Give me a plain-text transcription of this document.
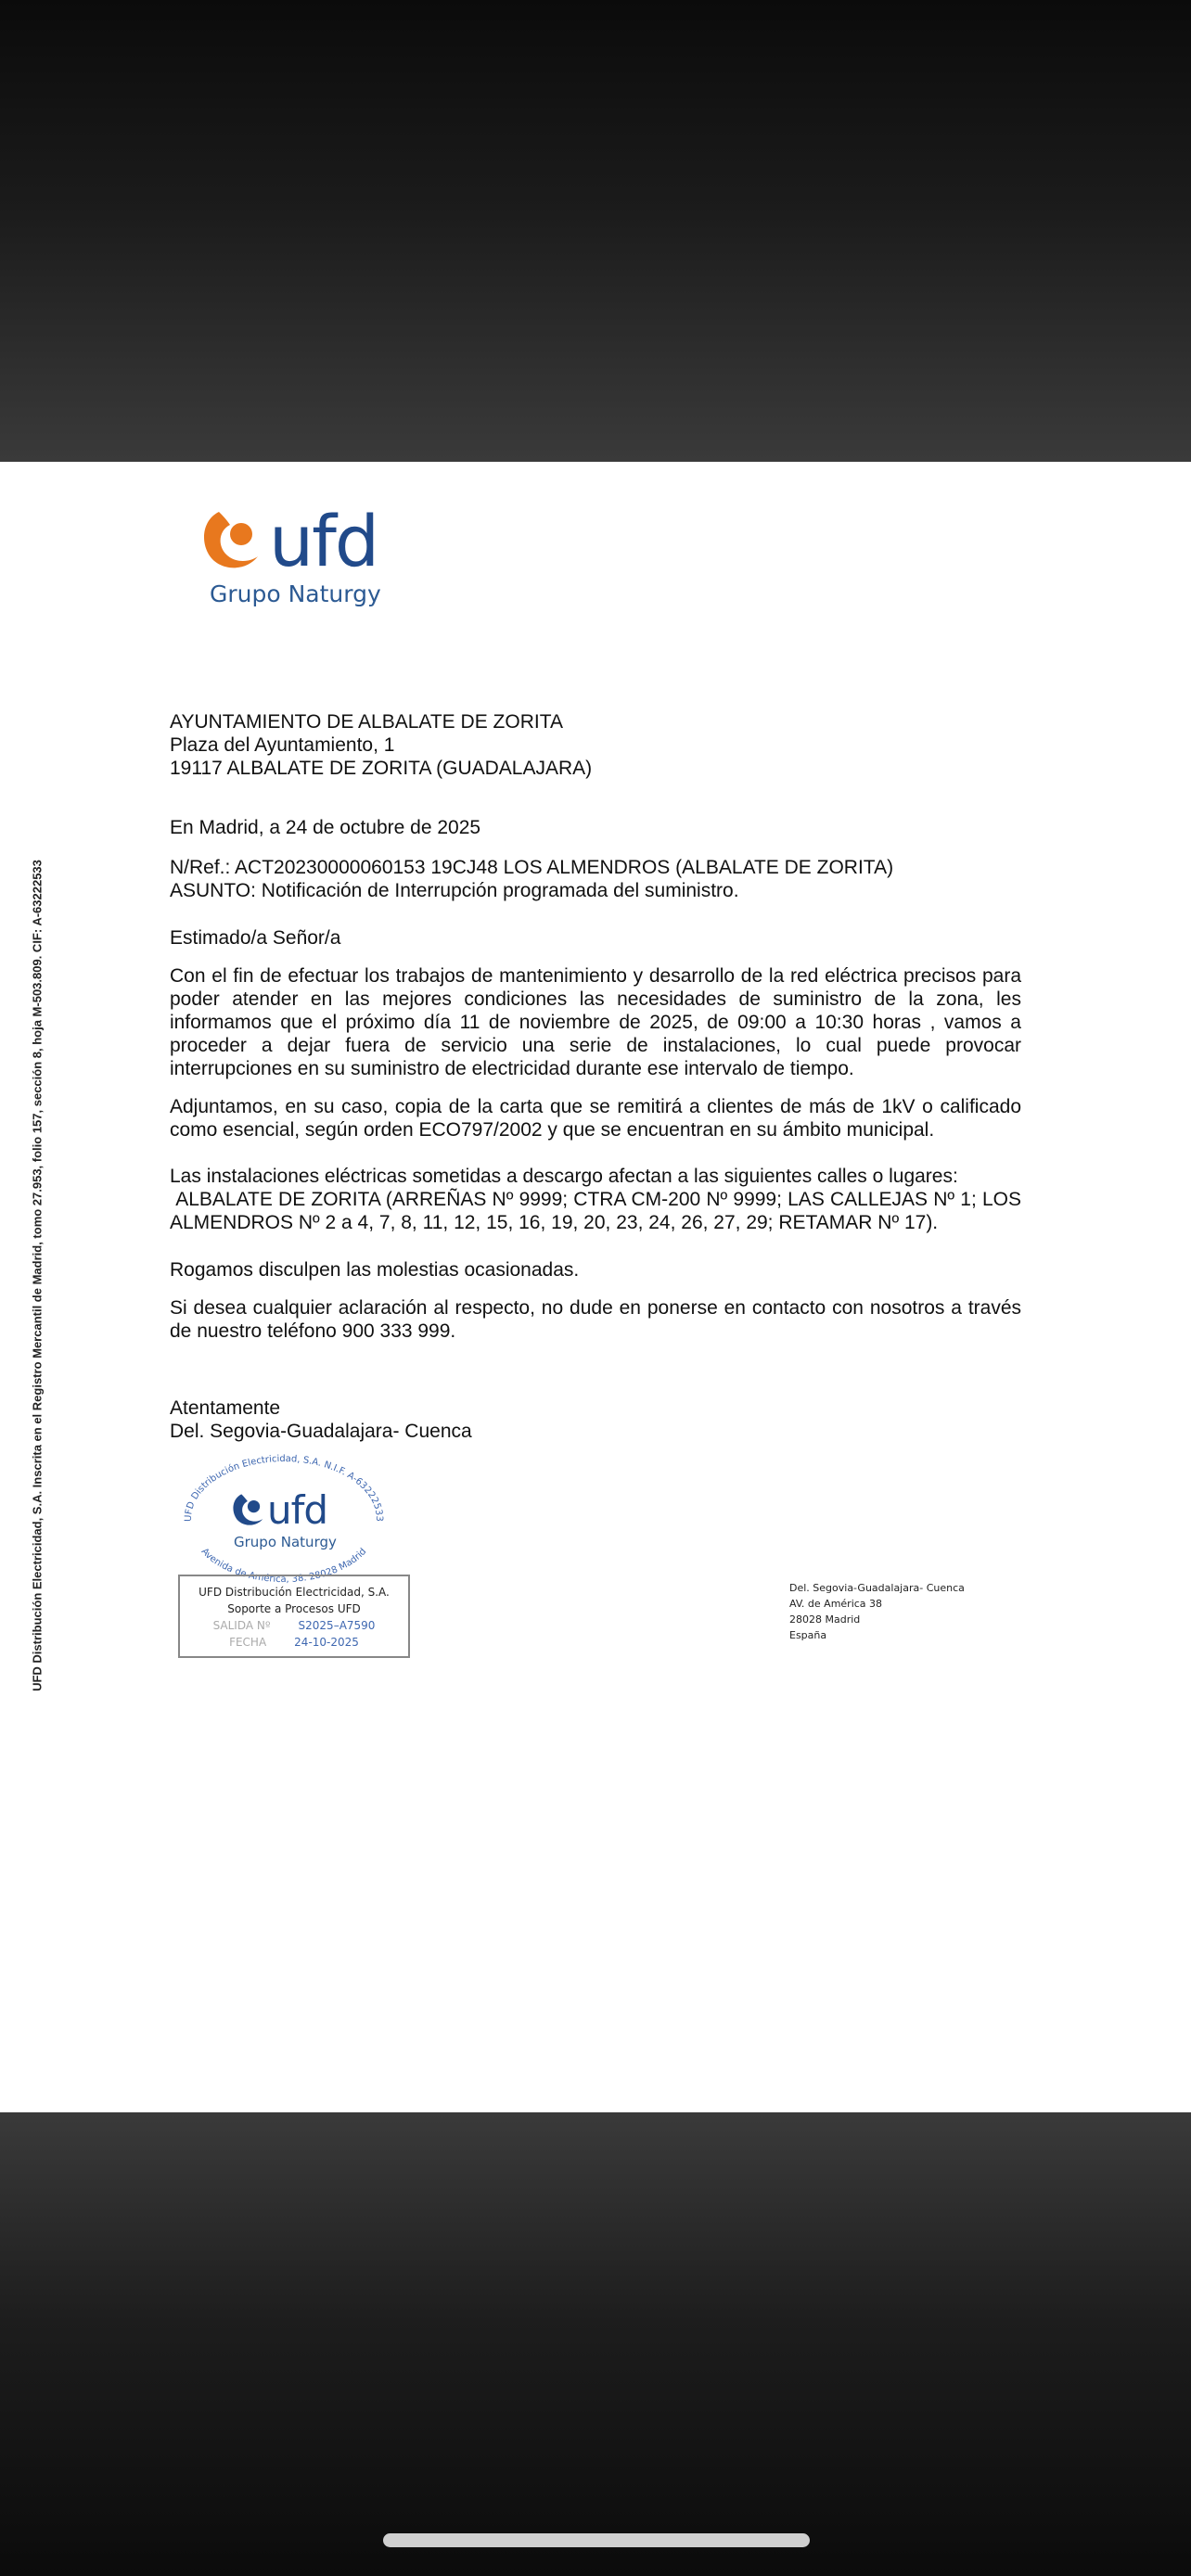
ufd
Grupo Naturgy
UFD Distribución Electricidad, S.A. Inscrita en el Registro Mercantil de Madrid, tomo 27.953, folio 157, sección 8, hoja M-503.809. CIF: A-63222533

AYUNTAMIENTO DE ALBALATE DE ZORITA

Plaza del Ayuntamiento, 1

19117 ALBALATE DE ZORITA (GUADALAJARA)

En Madrid, a 24 de octubre de 2025

N/Ref.: ACT20230000060153 19CJ48 LOS ALMENDROS (ALBALATE DE ZORITA)

ASUNTO: Notificación de Interrupción programada del suministro.

Estimado/a Señor/a
Con el fin de efectuar los trabajos de mantenimiento y desarrollo de la red eléctrica precisos para poder atender en las mejores condiciones las necesidades de suministro de la zona, les informamos que el próximo día 11 de noviembre de 2025, de 09:00 a 10:30 horas , vamos a proceder a dejar fuera de servicio una serie de instalaciones, lo cual puede provocar interrupciones en su suministro de electricidad durante ese intervalo de tiempo.
Adjuntamos, en su caso, copia de la carta que se remitirá a clientes de más de 1kV o calificado como esencial, según orden ECO797/2002 y que se encuentran en su ámbito municipal.

Las instalaciones eléctricas sometidas a descargo afectan a las siguientes calles o lugares:

ALBALATE DE ZORITA (ARREÑAS Nº 9999; CTRA CM-200 Nº 9999; LAS CALLEJAS Nº 1; LOS ALMENDROS Nº 2 a 4, 7, 8, 11, 12, 15, 16, 19, 20, 23, 24, 26, 27, 29; RETAMAR Nº 17).

Rogamos disculpen las molestias ocasionadas.
Si desea cualquier aclaración al respecto, no dude en ponerse en contacto con nosotros a través de nuestro teléfono 900 333 999.

Atentamente

Del. Segovia-Guadalajara- Cuenca

UFD Distribución Electricidad, S.A. N.I.F. A-63222533
Avenida de América, 38. 28028 Madrid
ufd
Grupo Naturgy
UFD Distribución Electricidad, S.A.
Soporte a Procesos UFD
SALIDA Nº	S2025–A7590
FECHA	24-10-2025
Del. Segovia-Guadalajara- Cuenca
AV. de América 38
28028 Madrid
España
